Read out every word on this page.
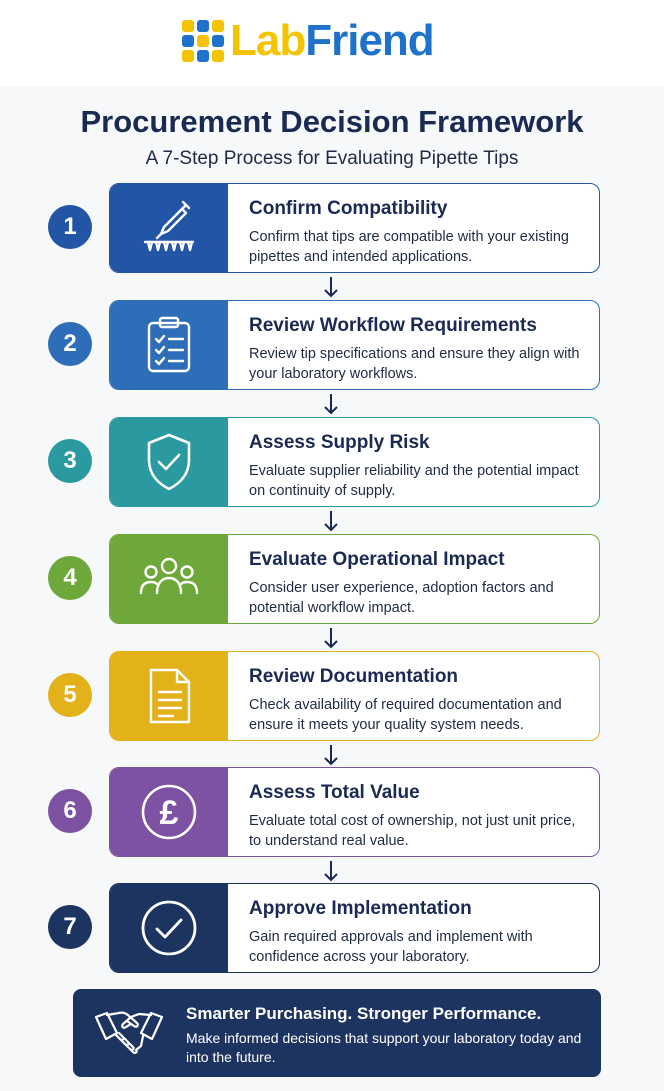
LabFriend
Procurement Decision Framework
A 7-Step Process for Evaluating Pipette Tips
1
Confirm Compatibility
Confirm that tips are compatible with your existing pipettes and intended applications.
2
Review Workflow Requirements
Review tip specifications and ensure they align with your laboratory workflows.
3
Assess Supply Risk
Evaluate supplier reliability and the potential impact on continuity of supply.
4
Evaluate Operational Impact
Consider user experience, adoption factors and potential workflow impact.
5
Review Documentation
Check availability of required documentation and ensure it meets your quality system needs.
6	£
Assess Total Value
Evaluate total cost of ownership, not just unit price, to understand real value.
7
Approve Implementation
Gain required approvals and implement with confidence across your laboratory.
Smarter Purchasing. Stronger Performance.
Make informed decisions that support your laboratory today and into the future.
